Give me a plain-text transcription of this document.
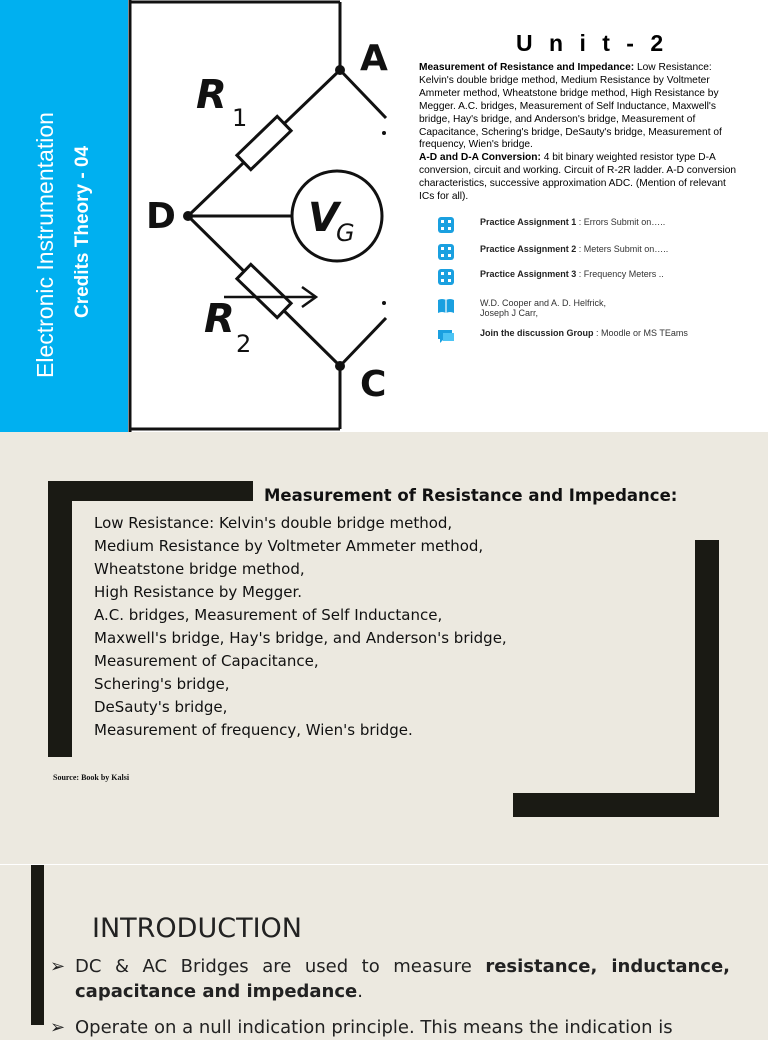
Electronic Instrumentation Credits Theory - 04
R 1
R
2
V
G
D
A
C
U n i t - 2
Measurement of Resistance and Impedance: Low Resistance: Kelvin's double bridge method, Medium Resistance by Voltmeter Ammeter method, Wheatstone bridge method, High Resistance by Megger. A.C. bridges, Measurement of Self Inductance, Maxwell's bridge, Hay's bridge, and Anderson's bridge, Measurement of Capacitance, Schering's bridge, DeSauty's bridge, Measurement of frequency, Wien's bridge.
A-D and D-A Conversion: 4 bit binary weighted resistor type D-A conversion, circuit and working. Circuit of R-2R ladder. A-D conversion characteristics, successive approximation ADC. (Mention of relevant ICs for all).
Practice Assignment 1 : Errors Submit on…..
Practice Assignment 2 : Meters Submit on…..
Practice Assignment 3 : Frequency Meters ..
W.D. Cooper and A. D. Helfrick,
Joseph J Carr,
Join the discussion Group : Moodle or MS TEams
Measurement of Resistance and Impedance:
Low Resistance: Kelvin's double bridge method,
Medium Resistance by Voltmeter Ammeter method,
Wheatstone bridge method,
High Resistance by Megger.
A.C. bridges, Measurement of Self Inductance,
Maxwell's bridge, Hay's bridge, and Anderson's bridge,
Measurement of Capacitance,
Schering's bridge,
DeSauty's bridge,
Measurement of frequency, Wien's bridge.
Source: Book by Kalsi
INTRODUCTION
➢ DC & AC Bridges are used to measure resistance, inductance, capacitance and impedance.
➢ Operate on a null indication principle. This means the indication is
